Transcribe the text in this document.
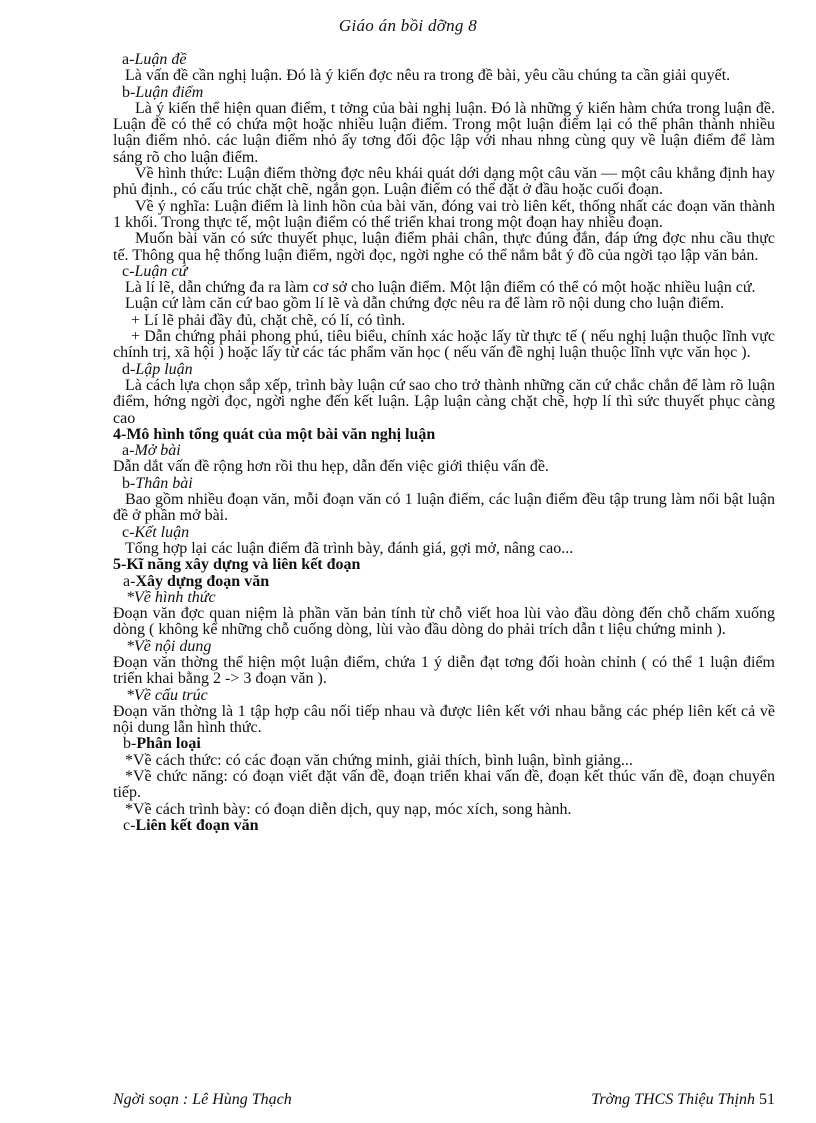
Giáo án bồi dỡng 8

a-Luận đề

Là vấn đề cần nghị luận. Đó là ý kiến đợc nêu ra trong đề bài, yêu cầu chúng ta cần giải quyết.

b-Luận điểm

Là ý kiến thể hiện quan điểm, t tởng của bài nghị luận. Đó là những ý kiến hàm chứa trong luận đề. Luận đề có thể có chứa một hoặc nhiều luận điểm. Trong một luận điểm lại có thể phân thành nhiều luận điểm nhỏ. các luận điểm nhỏ ấy tơng đối độc lập với nhau nhng cùng quy về luận điểm để làm sáng rõ cho luận điểm.

Về hình thức: Luận điểm thờng đợc nêu khái quát dới dạng một câu văn — một câu khẳng định hay phủ định., có cấu trúc chặt chẽ, ngắn gọn. Luận điểm có thể đặt ở đầu hoặc cuối đoạn.

Về ý nghĩa: Luận điểm là linh hồn của bài văn, đóng vai trò liên kết, thống nhất các đoạn văn thành 1 khối. Trong thực tế, một luận điểm có thể triển khai trong một đoạn hay nhiều đoạn.

Muốn bài văn có sức thuyết phục, luận điểm phải chân, thực đúng đắn, đáp ứng đợc nhu cầu thực tế. Thông qua hệ thống luận điểm, ngời đọc, ngời nghe có thể nắm bắt ý đồ của ngời tạo lập văn bản.

c-Luận cứ

Là lí lẽ, dẫn chứng đa ra làm cơ sở cho luận điểm. Một lận điểm có thể có một hoặc nhiều luận cứ.

Luận cứ làm căn cứ bao gồm lí lẽ và dẫn chứng đợc nêu ra để làm rõ nội dung cho luận điểm.

+ Lí lẽ phải đầy đủ, chặt chẽ, có lí, có tình.

+ Dẫn chứng phải phong phú, tiêu biểu, chính xác hoặc lấy từ thực tế ( nếu nghị luận thuộc lĩnh vực chính trị, xã hội ) hoặc lấy từ các tác phẩm văn học ( nếu vấn đề nghị luận thuộc lĩnh vực văn học ).

d-Lập luận

Là cách lựa chọn sắp xếp, trình bày luận cứ sao cho trở thành những căn cứ chắc chắn để làm rõ luận điểm, hớng ngời đọc, ngời nghe đến kết luận. Lập luận càng chặt chẽ, hợp lí thì sức thuyết phục càng cao

4-Mô hình tổng quát của một bài văn nghị luận

a-Mở bài

Dẫn dắt vấn đề rộng hơn rồi thu hẹp, dẫn đến việc giới thiệu vấn đề.

b-Thân bài

Bao gồm nhiều đoạn văn, mỗi đoạn văn có 1 luận điểm, các luận điểm đều tập trung làm nổi bật luận đề ở phần mở bài.

c-Kết luận

Tổng hợp lại các luận điểm đã trình bày, đánh giá, gợi mở, nâng cao...

5-Kĩ năng xây dựng và liên kết đoạn

a-Xây dựng đoạn văn

*Về hình thức

Đoạn văn đợc quan niệm là phần văn bản tính từ chỗ viết hoa lùi vào đầu dòng đến chỗ chấm xuống dòng ( không kể những chỗ cuống dòng, lùi vào đầu dòng do phải trích dẫn t liệu chứng minh ).

*Về nội dung

Đoạn văn thờng thể hiện một luận điểm, chứa 1 ý diễn đạt tơng đối hoàn chỉnh ( có thể 1 luận điểm triển khai bằng 2 -> 3 đoạn văn ).

*Về cấu trúc

Đoạn văn thờng là 1 tập hợp câu nối tiếp nhau và được liên kết với nhau bằng các phép liên kết cả về nội dung lẫn hình thức.

b-Phân loại

*Về cách thức: có các đoạn văn chứng minh, giải thích, bình luận, bình giảng...

*Về chức năng: có đoạn viết đặt vấn đề, đoạn triển khai vấn đề, đoạn kết thúc vấn đề, đoạn chuyển tiếp.

*Về cách trình bày: có đoạn diễn dịch, quy nạp, móc xích, song hành.

c-Liên kết đoạn văn

Ngời soạn : Lê Hùng Thạch	Trờng THCS Thiệu Thịnh 51
